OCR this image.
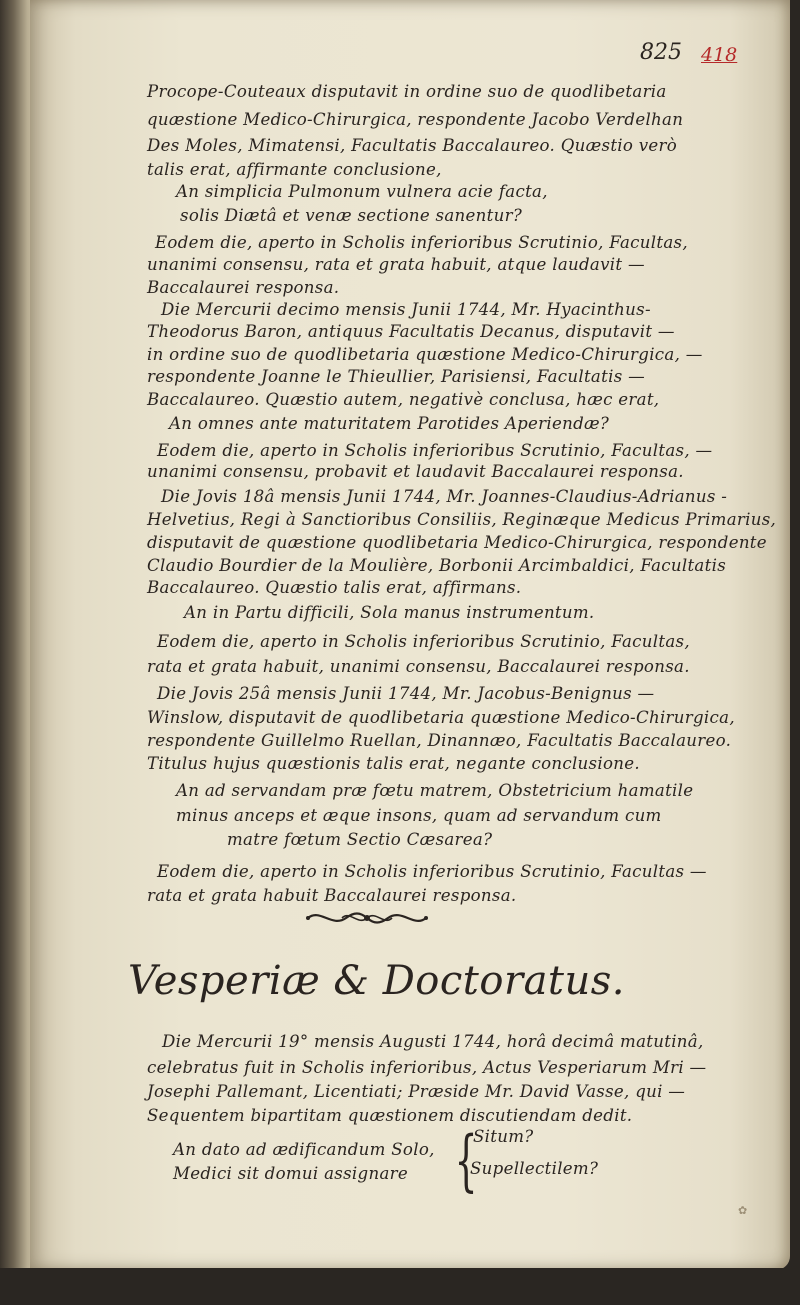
825 418
Procope-Couteaux disputavit in ordine suo de quodlibetaria
quæstione Medico-Chirurgica, respondente Jacobo Verdelhan
Des Moles, Mimatensi, Facultatis Baccalaureo. Quæstio verò
talis erat, affirmante conclusione,
An simplicia Pulmonum vulnera acie facta,
solis Diætâ et venæ sectione sanentur?
Eodem die, aperto in Scholis inferioribus Scrutinio, Facultas,
unanimi consensu, rata et grata habuit, atque laudavit —
Baccalaurei responsa.
Die Mercurii decimo mensis Junii 1744, Mr. Hyacinthus-
Theodorus Baron, antiquus Facultatis Decanus, disputavit —
in ordine suo de quodlibetaria quæstione Medico-Chirurgica, —
respondente Joanne le Thieullier, Parisiensi, Facultatis —
Baccalaureo. Quæstio autem, negativè conclusa, hæc erat,
An omnes ante maturitatem Parotides Aperiendæ?
Eodem die, aperto in Scholis inferioribus Scrutinio, Facultas, —
unanimi consensu, probavit et laudavit Baccalaurei responsa.
Die Jovis 18â mensis Junii 1744, Mr. Joannes-Claudius-Adrianus -
Helvetius, Regi à Sanctioribus Consiliis, Reginæque Medicus Primarius,
disputavit de quæstione quodlibetaria Medico-Chirurgica, respondente
Claudio Bourdier de la Moulière, Borbonii Arcimbaldici, Facultatis
Baccalaureo. Quæstio talis erat, affirmans.
An in Partu difficili, Sola manus instrumentum.
Eodem die, aperto in Scholis inferioribus Scrutinio, Facultas,
rata et grata habuit, unanimi consensu, Baccalaurei responsa.
Die Jovis 25â mensis Junii 1744, Mr. Jacobus-Benignus —
Winslow, disputavit de quodlibetaria quæstione Medico-Chirurgica,
respondente Guillelmo Ruellan, Dinannæo, Facultatis Baccalaureo.
Titulus hujus quæstionis talis erat, negante conclusione.
An ad servandam præ fœtu matrem, Obstetricium hamatile
minus anceps et æque insons, quam ad servandum cum
matre fœtum Sectio Cæsarea?
Eodem die, aperto in Scholis inferioribus Scrutinio, Facultas —
rata et grata habuit Baccalaurei responsa.
Vesperiæ & Doctoratus.
Die Mercurii 19° mensis Augusti 1744, horâ decimâ matutinâ,
celebratus fuit in Scholis inferioribus, Actus Vesperiarum Mri —
Josephi Pallemant, Licentiati; Præside Mr. David Vasse, qui —
Sequentem bipartitam quæstionem discutiendam dedit.
An dato ad ædificandum Solo,
Medici sit domui assignare {
Situm?
Supellectilem?
✿
